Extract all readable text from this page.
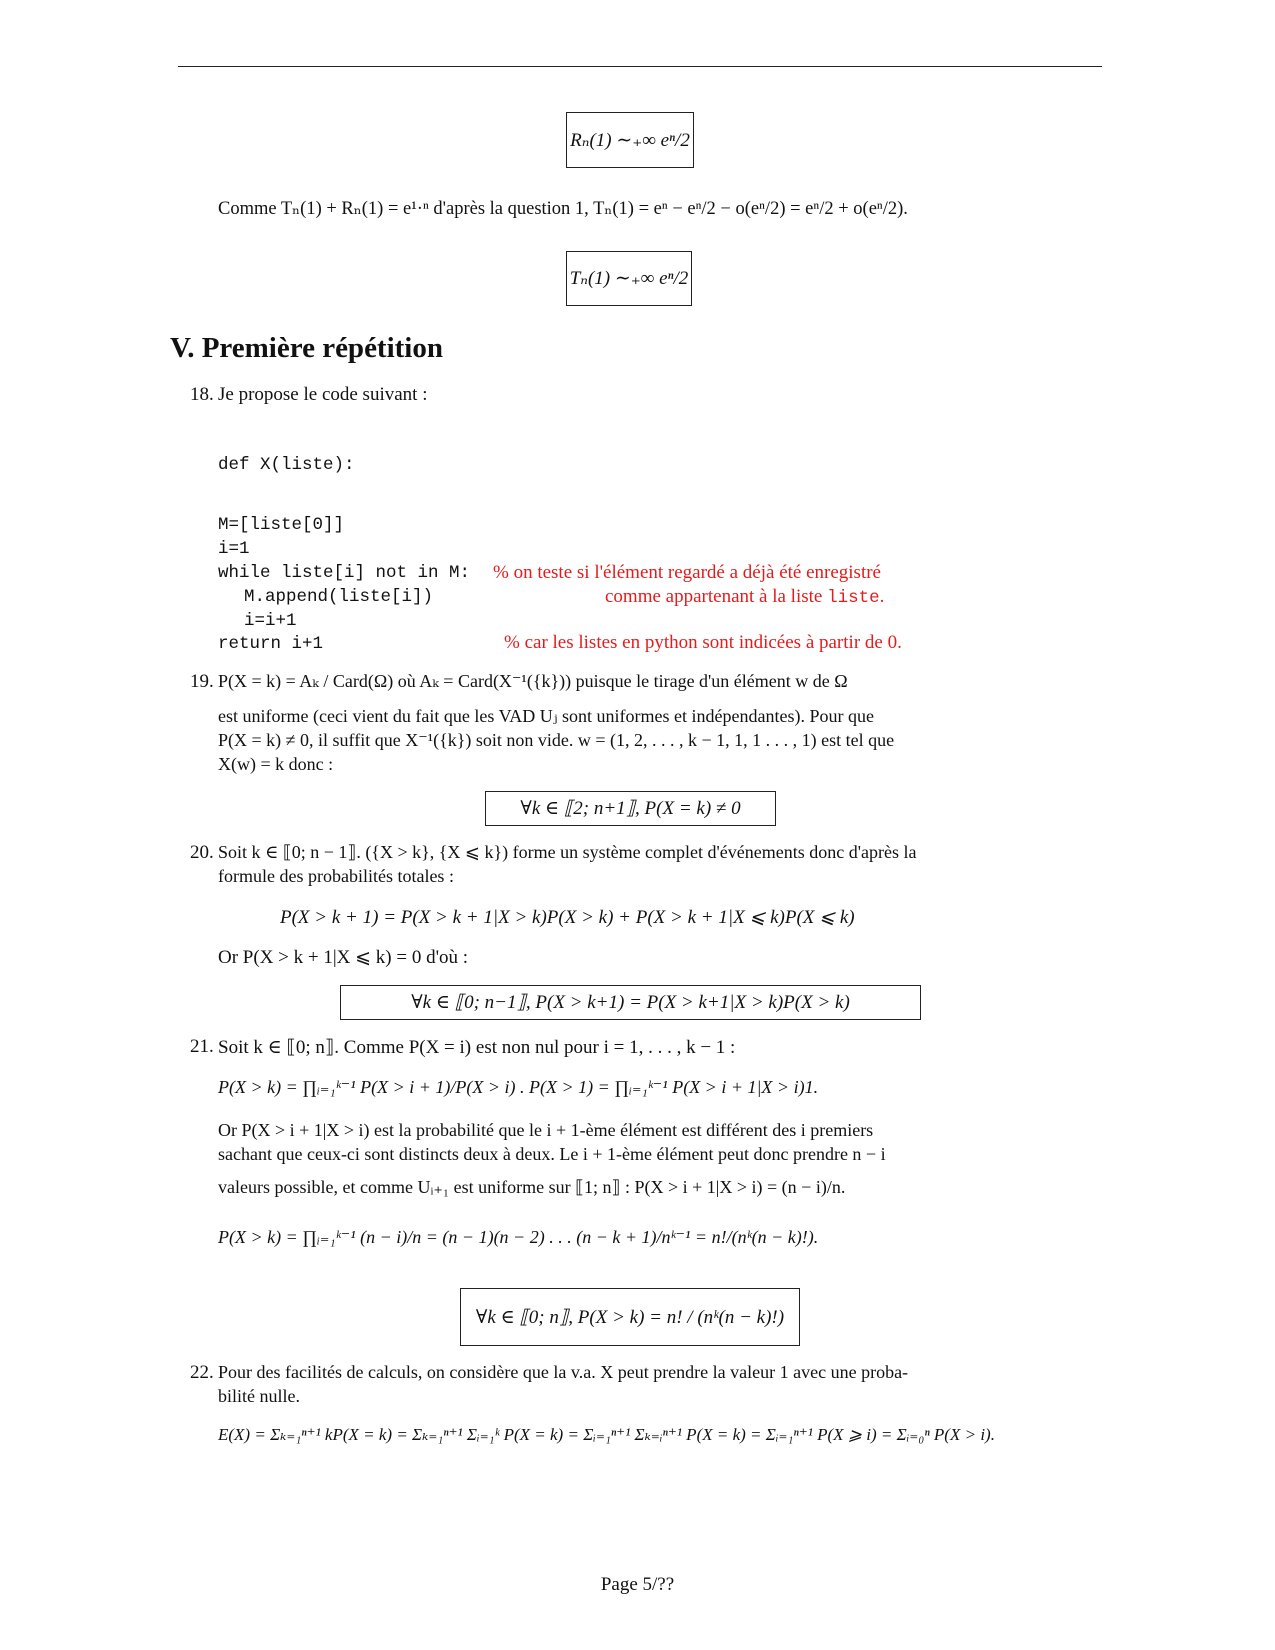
Rₙ(1) ∼₊∞ eⁿ/2
Comme Tₙ(1) + Rₙ(1) = e¹·ⁿ d'après la question 1, Tₙ(1) = eⁿ − eⁿ/2 − o(eⁿ/2) = eⁿ/2 + o(eⁿ/2).
Tₙ(1) ∼₊∞ eⁿ/2
V. Première répétition
18. Je propose le code suivant :
def X(liste):
M=[liste[0]]
i=1
while liste[i] not in M:
M.append(liste[i])
i=i+1
return i+1
% on teste si l'élément regardé a déjà été enregistré
comme appartenant à la liste liste.
% car les listes en python sont indicées à partir de 0.
19. P(X = k) = Aₖ / Card(Ω) où Aₖ = Card(X⁻¹({k})) puisque le tirage d'un élément w de Ω
est uniforme (ceci vient du fait que les VAD Uⱼ sont uniformes et indépendantes). Pour que
P(X = k) ≠ 0, il suffit que X⁻¹({k}) soit non vide. w = (1, 2, . . . , k − 1, 1, 1 . . . , 1) est tel que
X(w) = k donc :
∀k ∈ ⟦2; n+1⟧, P(X = k) ≠ 0
20. Soit k ∈ ⟦0; n − 1⟧. ({X > k}, {X ⩽ k}) forme un système complet d'événements donc d'après la
formule des probabilités totales :
P(X > k + 1) = P(X > k + 1|X > k)P(X > k) + P(X > k + 1|X ⩽ k)P(X ⩽ k)
Or P(X > k + 1|X ⩽ k) = 0 d'où :
∀k ∈ ⟦0; n−1⟧, P(X > k+1) = P(X > k+1|X > k)P(X > k)
21. Soit k ∈ ⟦0; n⟧. Comme P(X = i) est non nul pour i = 1, . . . , k − 1 :
P(X > k) = ∏ᵢ₌₁ᵏ⁻¹ P(X > i + 1)/P(X > i) . P(X > 1) = ∏ᵢ₌₁ᵏ⁻¹ P(X > i + 1|X > i)1.
Or P(X > i + 1|X > i) est la probabilité que le i + 1-ème élément est différent des i premiers
sachant que ceux-ci sont distincts deux à deux. Le i + 1-ème élément peut donc prendre n − i
valeurs possible, et comme Uᵢ₊₁ est uniforme sur ⟦1; n⟧ : P(X > i + 1|X > i) = (n − i)/n.
P(X > k) = ∏ᵢ₌₁ᵏ⁻¹ (n − i)/n = (n − 1)(n − 2) . . . (n − k + 1)/nᵏ⁻¹ = n!/(nᵏ(n − k)!).
∀k ∈ ⟦0; n⟧, P(X > k) = n! / (nᵏ(n − k)!)
22. Pour des facilités de calculs, on considère que la v.a. X peut prendre la valeur 1 avec une proba-
bilité nulle.
E(X) = Σₖ₌₁ⁿ⁺¹ kP(X = k) = Σₖ₌₁ⁿ⁺¹ Σᵢ₌₁ᵏ P(X = k) = Σᵢ₌₁ⁿ⁺¹ Σₖ₌ᵢⁿ⁺¹ P(X = k) = Σᵢ₌₁ⁿ⁺¹ P(X ⩾ i) = Σᵢ₌₀ⁿ P(X > i).
Page 5/??
